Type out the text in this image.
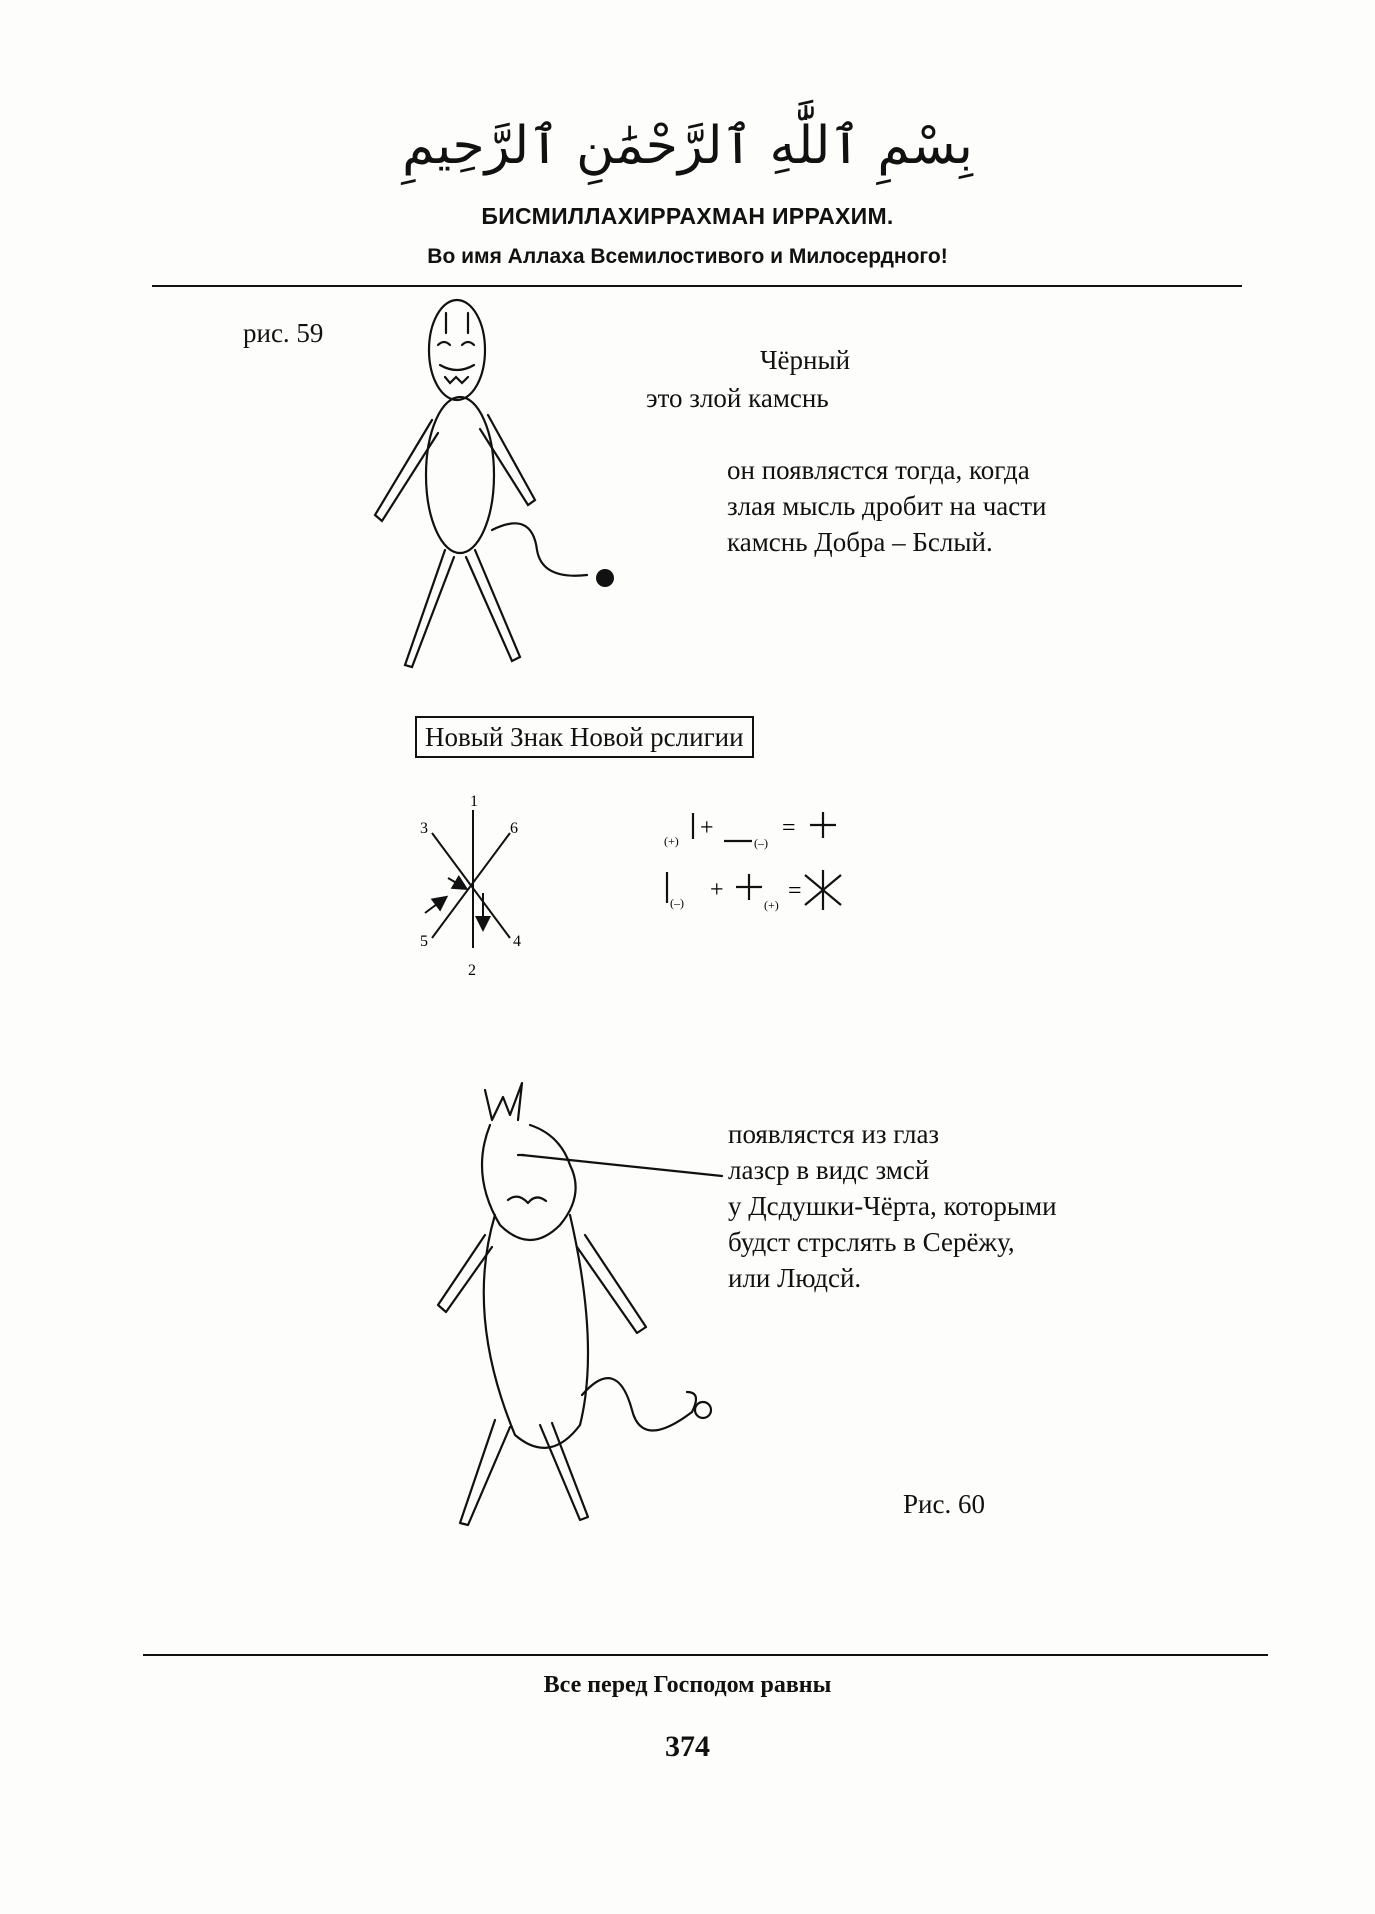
بِسْمِ ٱللَّٰهِ ٱلرَّحْمَٰنِ ٱلرَّحِيمِ
БИСМИЛЛАХИРРАХМАН ИРРАХИМ.
Во имя Аллаха Всемилостивого и Милосердного!
рис. 59
Чёрный
это злой камснь
он появлястся тогда, когда
злая мысль дробит на части
камснь Добра – Бслый.
Новый Знак Новой рслигии
1
2
3
4
5
6
(+) +
(–)
=
(–) +
(+)
=
появлястся из глаз
лазср в видс змсй
у Дсдушки-Чёрта, которыми
будст стрслять в Серёжу,
или Людсй.
Рис. 60
Все перед Господом равны
374
